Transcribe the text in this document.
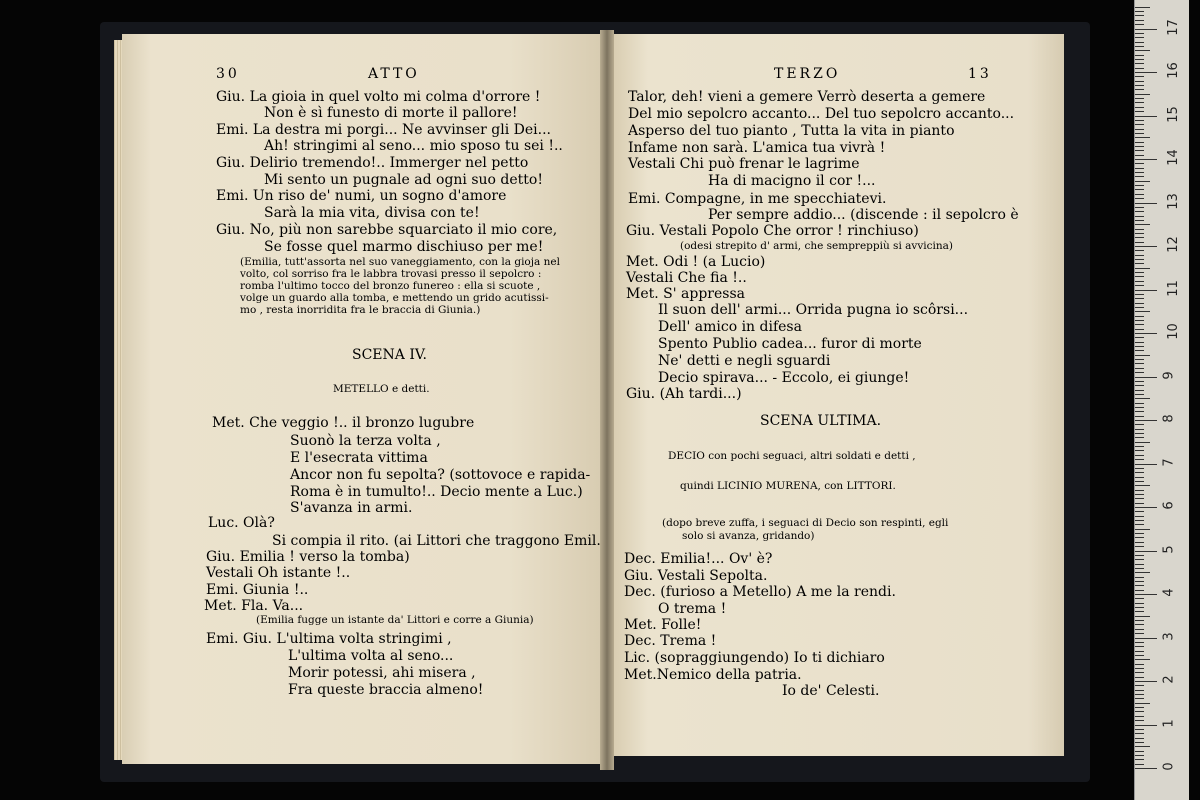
30	ATTO	TERZO	13
Giu. La gioia in quel volto mi colma d'orrore !
Non è sì funesto di morte il pallore!
Emi. La destra mi porgi... Ne avvinser gli Dei...
Ah! stringimi al seno... mio sposo tu sei !..
Giu. Delirio tremendo!.. Immerger nel petto
Mi sento un pugnale ad ogni suo detto!
Emi. Un riso de' numi, un sogno d'amore
Sarà la mia vita, divisa con te!
Giu. No, più non sarebbe squarciato il mio core,
Se fosse quel marmo dischiuso per me!
(Emilia, tutt'assorta nel suo vaneggiamento, con la gioja nel
volto, col sorriso fra le labbra trovasi presso il sepolcro :
romba l'ultimo tocco del bronzo funereo : ella si scuote ,
volge un guardo alla tomba, e mettendo un grido acutissi-
mo , resta inorridita fra le braccia di Giunia.)
SCENA IV.
METELLO e detti.
Met. Che veggio !.. il bronzo lugubre
Suonò la terza volta ,
E l'esecrata vittima
Ancor non fu sepolta? (sottovoce e rapida-
Roma è in tumulto!.. Decio mente a Luc.)
S'avanza in armi.
Luc. Olà?
Si compia il rito. (ai Littori che traggono Emil.
Giu. Emilia ! verso la tomba)
Vestali Oh istante !..
Emi. Giunia !..
Met. Fla. Va...
(Emilia fugge un istante da' Littori e corre a Giunia)
Emi. Giu. L'ultima volta stringimi ,
L'ultima volta al seno...
Morir potessi, ahi misera ,
Fra queste braccia almeno!
Talor, deh! vieni a gemere Verrò deserta a gemere
Del mio sepolcro accanto... Del tuo sepolcro accanto...
Asperso del tuo pianto , Tutta la vita in pianto
Infame non sarà. L'amica tua vivrà !
Vestali Chi può frenar le lagrime
Ha di macigno il cor !...
Emi. Compagne, in me specchiatevi.
Per sempre addio... (discende : il sepolcro è
Giu. Vestali Popolo Che orror ! rinchiuso)
(odesi strepito d' armi, che sempreppiù si avvicina)
Met. Odi ! (a Lucio)
Vestali Che fia !..
Met. S' appressa
Il suon dell' armi... Orrida pugna io scôrsi...
Dell' amico in difesa
Spento Publio cadea... furor di morte
Ne' detti e negli sguardi
Decio spirava... - Eccolo, ei giunge!
Giu. (Ah tardi...)
SCENA ULTIMA.
DECIO con pochi seguaci, altri soldati e detti ,
quindi LICINIO MURENA, con LITTORI.
(dopo breve zuffa, i seguaci di Decio son respinti, egli
solo si avanza, gridando)
Dec. Emilia!... Ov' è?
Giu. Vestali Sepolta.
Dec. (furioso a Metello) A me la rendi.
O trema !
Met. Folle!
Dec. Trema !
Lic. (sopraggiungendo) Io ti dichiaro
Met.Nemico della patria.
Io de' Celesti.
0
1
2
3
4
5
6
7
8
9
10
11
12
13
14
15
16
17
